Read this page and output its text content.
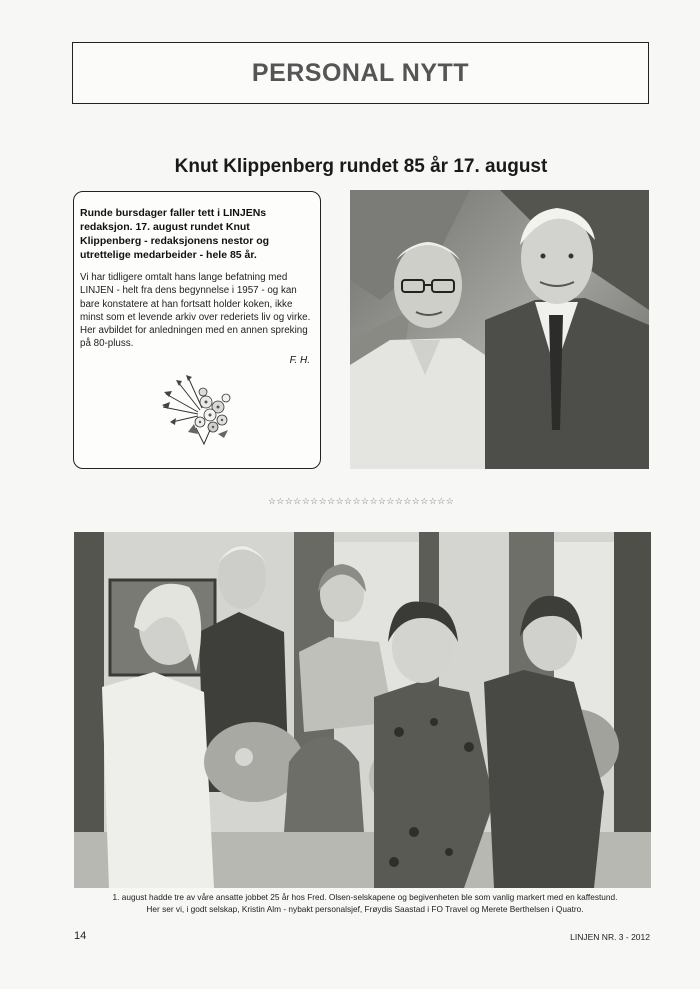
PERSONAL NYTT
Knut Klippenberg rundet 85 år 17. august

Runde bursdager faller tett i LINJENs redaksjon. 17. august rundet Knut Klippenberg - redaksjonens nestor og utrettelige medarbeider - hele 85 år.

Vi har tidligere omtalt hans lange befatning med LINJEN - helt fra dens begynnelse i 1957 - og kan bare konstatere at han fortsatt holder koken, ikke minst som et levende arkiv over rederiets liv og virke. Her avbildet for anledningen med en annen spreking på 80-pluss.

F. H.
☆☆☆☆☆☆☆☆☆☆☆☆☆☆☆☆☆☆☆☆☆☆
1. august hadde tre av våre ansatte jobbet 25 år hos Fred. Olsen-selskapene og begivenheten ble som vanlig markert med en kaffestund.
Her ser vi, i godt selskap, Kristin Alm - nybakt personalsjef, Frøydis Saastad i FO Travel og Merete Berthelsen i Quatro.
14	LINJEN NR. 3 - 2012
